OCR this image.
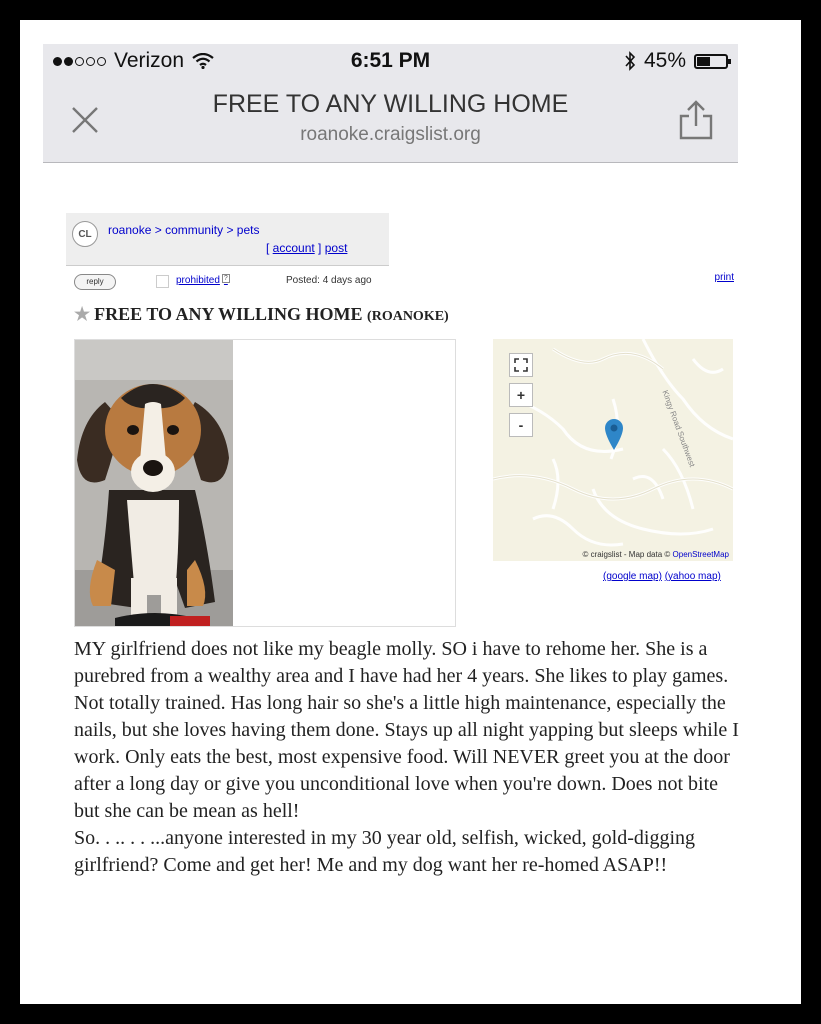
Verizon	6:51 PM	45%
FREE TO ANY WILLING HOME
roanoke.craigslist.org
CL	roanoke > community > pets
[ account ] post
reply	prohibited ?	Posted: 4 days ago	print
★ FREE TO ANY WILLING HOME (ROANOKE)
+
-	Kingy Road Southwest
© craigslist - Map data © OpenStreetMap
(google map) (yahoo map)

MY girlfriend does not like my beagle molly. SO i have to rehome her. She is a purebred from a wealthy area and I have had her 4 years. She likes to play games. Not totally trained. Has long hair so she's a little high maintenance, especially the nails, but she loves having them done. Stays up all night yapping but sleeps while I work. Only eats the best, most expensive food. Will NEVER greet you at the door after a long day or give you unconditional love when you're down. Does not bite but she can be mean as hell!

So. . .. . . ...anyone interested in my 30 year old, selfish, wicked, gold-digging girlfriend? Come and get her! Me and my dog want her re-homed ASAP!!
